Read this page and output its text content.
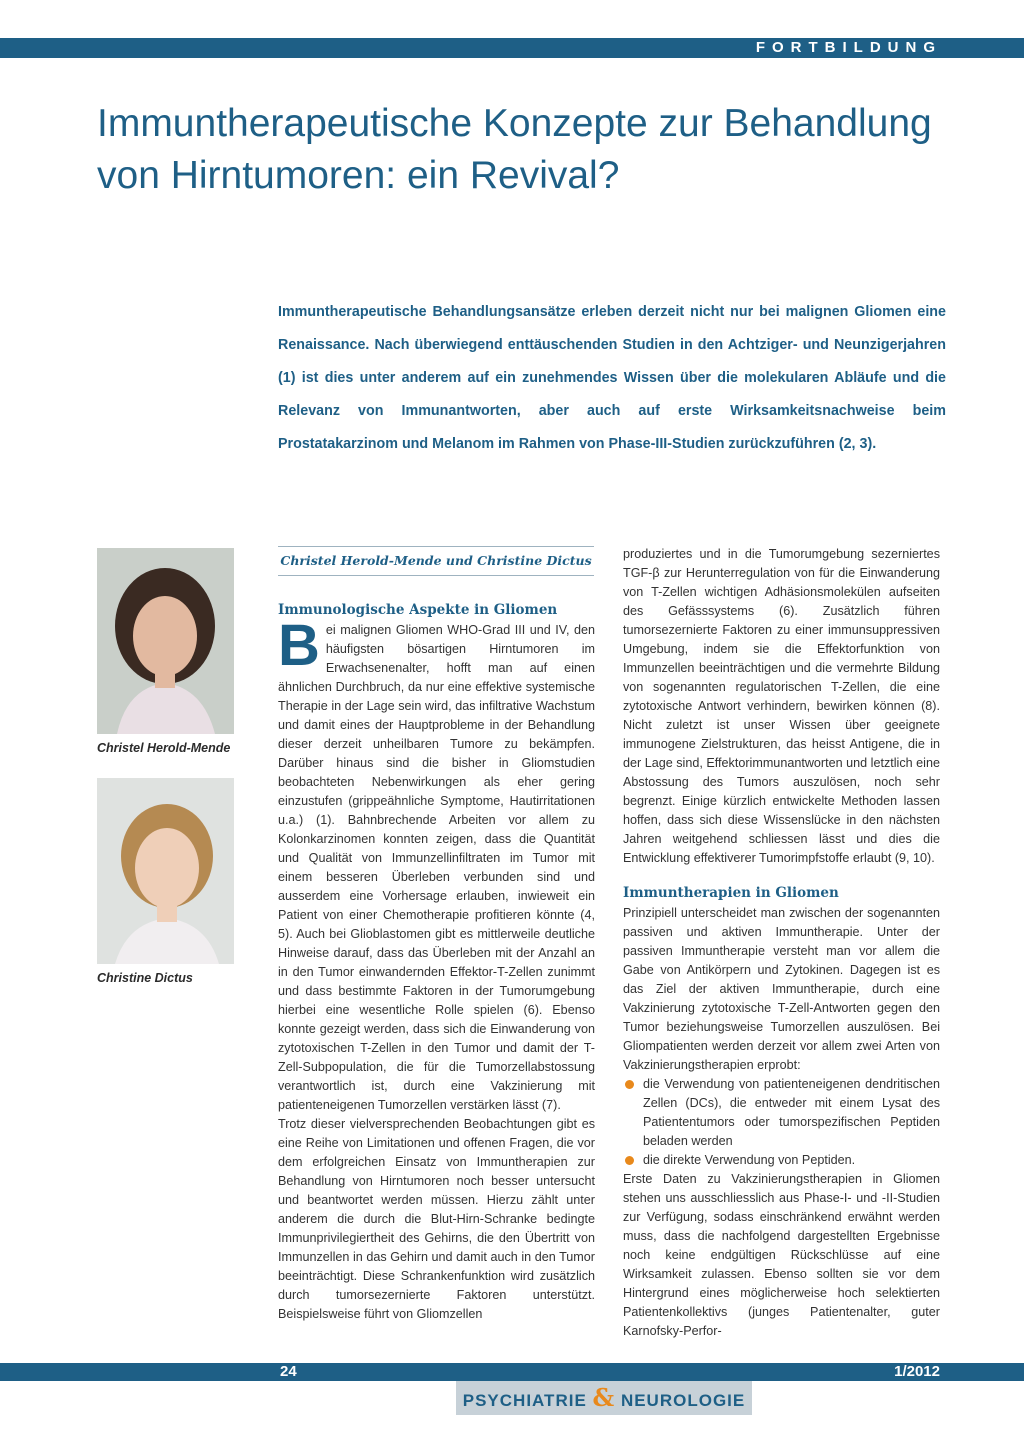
FORTBILDUNG
Immuntherapeutische Konzepte zur Behandlung
von Hirntumoren: ein Revival?

Immuntherapeutische Behandlungsansätze erleben derzeit nicht nur bei malignen Gliomen eine Renaissance. Nach überwiegend enttäuschenden Studien in den Achtziger- und Neunzigerjahren (1) ist dies unter anderem auf ein zunehmendes Wissen über die molekularen Abläufe und die Relevanz von Immunantworten, aber auch auf erste Wirksamkeitsnachweise beim Prostatakarzinom und Melanom im Rahmen von Phase-III-Studien zurückzuführen (2, 3).

Christel Herold-Mende
Christine Dictus
Christel Herold-Mende und Christine Dictus
Immunologische Aspekte in Gliomen

Bei malignen Gliomen WHO-Grad III und IV, den häufigsten bösartigen Hirntumoren im Erwachsenenalter, hofft man auf einen ähnlichen Durchbruch, da nur eine effektive systemische Therapie in der Lage sein wird, das infiltrative Wachstum und damit eines der Hauptprobleme in der Behandlung dieser derzeit unheilbaren Tumore zu bekämpfen. Darüber hinaus sind die bisher in Gliomstudien beobachteten Nebenwirkungen als eher gering einzustufen (grippeähnliche Symptome, Hautirritationen u.a.) (1). Bahnbrechende Arbeiten vor allem zu Kolonkarzinomen konnten zeigen, dass die Quantität und Qualität von Immunzellinfiltraten im Tumor mit einem besseren Überleben verbunden sind und ausserdem eine Vorhersage erlauben, inwieweit ein Patient von einer Chemotherapie profitieren könnte (4, 5). Auch bei Glioblastomen gibt es mittlerweile deutliche Hinweise darauf, dass das Überleben mit der Anzahl an in den Tumor einwandernden Effektor-T-Zellen zunimmt und dass bestimmte Faktoren in der Tumorumgebung hierbei eine wesentliche Rolle spielen (6). Ebenso konnte gezeigt werden, dass sich die Einwanderung von zytotoxischen T-Zellen in den Tumor und damit der T-Zell-Subpopulation, die für die Tumorzellabstossung verantwortlich ist, durch eine Vakzinierung mit patienteneigenen Tumorzellen verstärken lässt (7).

Trotz dieser vielversprechenden Beobachtungen gibt es eine Reihe von Limitationen und offenen Fragen, die vor dem erfolgreichen Einsatz von Immuntherapien zur Behandlung von Hirntumoren noch besser untersucht und beantwortet werden müssen. Hierzu zählt unter anderem die durch die Blut-Hirn-Schranke bedingte Immunprivilegiertheit des Gehirns, die den Übertritt von Immunzellen in das Gehirn und damit auch in den Tumor beeinträchtigt. Diese Schrankenfunktion wird zusätzlich durch tumorsezernierte Faktoren unterstützt. Beispielsweise führt von Gliomzellen

produziertes und in die Tumorumgebung sezerniertes TGF-β zur Herunterregulation von für die Einwanderung von T-Zellen wichtigen Adhäsionsmolekülen aufseiten des Gefässsystems (6). Zusätzlich führen tumorsezernierte Faktoren zu einer immunsuppressiven Umgebung, indem sie die Effektorfunktion von Immunzellen beeinträchtigen und die vermehrte Bildung von sogenannten regulatorischen T-Zellen, die eine zytotoxische Antwort verhindern, bewirken können (8). Nicht zuletzt ist unser Wissen über geeignete immunogene Zielstrukturen, das heisst Antigene, die in der Lage sind, Effektorimmunantworten und letztlich eine Abstossung des Tumors auszulösen, noch sehr begrenzt. Einige kürzlich entwickelte Methoden lassen hoffen, dass sich diese Wissenslücke in den nächsten Jahren weitgehend schliessen lässt und dies die Entwicklung effektiverer Tumorimpfstoffe erlaubt (9, 10).

Immuntherapien in Gliomen

Prinzipiell unterscheidet man zwischen der sogenannten passiven und aktiven Immuntherapie. Unter der passiven Immuntherapie versteht man vor allem die Gabe von Antikörpern und Zytokinen. Dagegen ist es das Ziel der aktiven Immuntherapie, durch eine Vakzinierung zytotoxische T-Zell-Antworten gegen den Tumor beziehungsweise Tumorzellen auszulösen. Bei Gliompatienten werden derzeit vor allem zwei Arten von Vakzinierungstherapien erprobt:

die Verwendung von patienteneigenen dendritischen Zellen (DCs), die entweder mit einem Lysat des Patiententumors oder tumorspezifischen Peptiden beladen werden
die direkte Verwendung von Peptiden.

Erste Daten zu Vakzinierungstherapien in Gliomen stehen uns ausschliesslich aus Phase-I- und -II-Studien zur Verfügung, sodass einschränkend erwähnt werden muss, dass die nachfolgend dargestellten Ergebnisse noch keine endgültigen Rückschlüsse auf eine Wirksamkeit zulassen. Ebenso sollten sie vor dem Hintergrund eines möglicherweise hoch selektierten Patientenkollektivs (junges Patientenalter, guter Karnofsky-Perfor-

24	1/2012
PSYCHIATRIE & NEUROLOGIE
